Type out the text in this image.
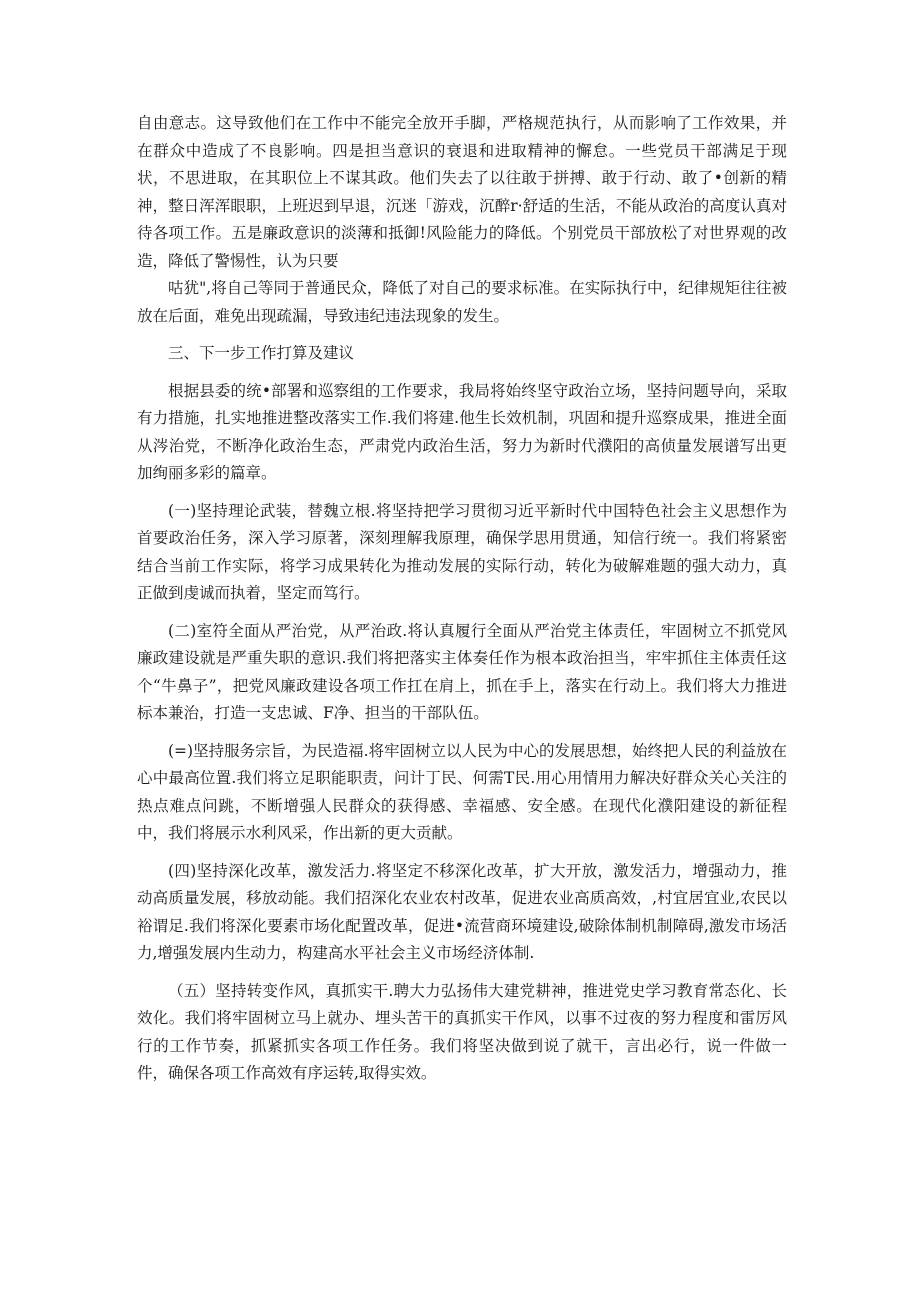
自由意志。这导致他们在工作中不能完全放开手脚，严格规范执行，从而影响了工作效果，并在群众中造成了不良影响。四是担当意识的衰退和进取精神的懈怠。一些党员干部满足于现状，不思进取，在其职位上不谋其政。他们失去了以往敢于拼搏、敢于行动、敢了•创新的精神，整日浑浑眼职，上班迟到早退，沉迷「游戏，沉醉r·舒适的生活，不能从政治的高度认真对待各项工作。五是廉政意识的淡薄和抵御!风险能力的降低。个别党员干部放松了对世界观的改造，降低了警惕性，认为只要

咕犹",将自己等同于普通民众，降低了对自己的要求标准。在实际执行中，纪律规矩往往被放在后面，难免出现疏漏，导致违纪违法现象的发生。

三、下一步工作打算及建议

根据县委的统•部署和巡察组的工作要求，我局将始终坚守政治立场，坚持问题导向，采取有力措施，扎实地推进整改落实工作.我们将建.他生长效机制，巩固和提升巡察成果，推进全面从涔治党，不断净化政治生态，严肃党内政治生活，努力为新时代濮阳的高侦量发展谱写出更加绚丽多彩的篇章。

(一)坚持理论武装，替魏立根.将坚持把学习贯彻习近平新时代中国特色社会主义思想作为首要政治任务，深入学习原著，深刻理解我原理，确保学思用贯通，知信行统一。我们将紧密结合当前工作实际，将学习成果转化为推动发展的实际行动，转化为破解难题的强大动力，真正做到虔诚而执着，坚定而笃行。

(二)室符全面从严治党，从严治政.将认真履行全面从严治党主体责任，牢固树立不抓党风廉政建设就是严重失职的意识.我们将把落实主体奏任作为根本政治担当，牢牢抓住主体责任这个“牛鼻子”，把党风廉政建设各项工作扛在肩上，抓在手上，落实在行动上。我们将大力推进标本兼治，打造一支忠诚、F净、担当的干部队伍。

(=)坚持服务宗旨，为民造福.将牢固树立以人民为中心的发展思想，始终把人民的利益放在心中最高位置.我们将立足职能职责，问计丁民、何需T民.用心用情用力解决好群众关心关注的热点难点问跳，不断增强人民群众的获得感、幸福感、安全感。在现代化濮阳建设的新征程中，我们将展示水利风采，作出新的更大贡献。

(四)坚持深化改革，激发活力.将坚定不移深化改革，扩大开放，激发活力，增强动力，推动高质量发展，移放动能。我们招深化农业农村改革，促进农业高质高效，,村宜居宜业,农民以裕谓足.我们将深化要素市场化配置改革，促进•流营商环境建设,破除体制机制障碍,激发市场活力,增强发展内生动力，构建高水平社会主义市场经济体制.

（五）坚持转变作风，真抓实干.聘大力弘扬伟大建党耕神，推进党史学习教育常态化、长效化。我们将牢固树立马上就办、埋头苦干的真抓实干作风，以事不过夜的努力程度和雷厉风行的工作节奏，抓紧抓实各项工作任务。我们将坚决做到说了就干，言出必行，说一件做一件，确保各项工作高效有序运转,取得实效。
